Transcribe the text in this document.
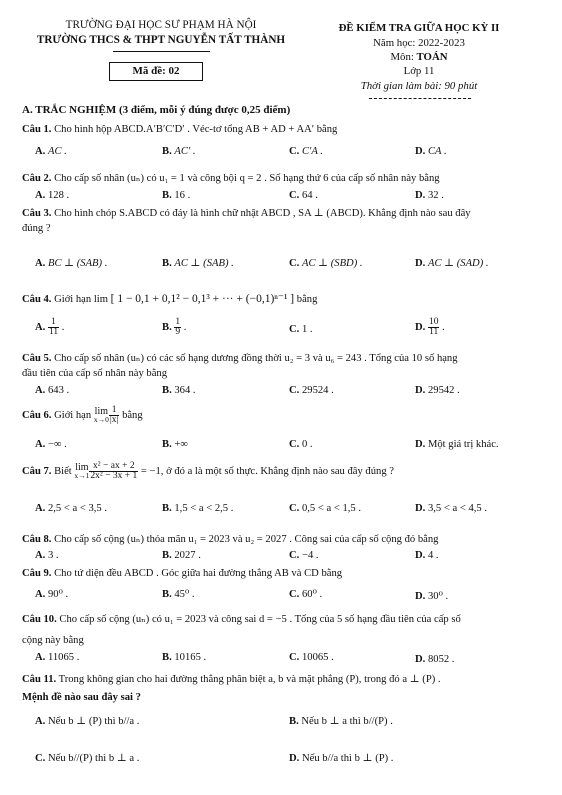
TRƯỜNG ĐẠI HỌC SƯ PHẠM HÀ NỘI
TRƯỜNG THCS & THPT NGUYỄN TẤT THÀNH
Mã đề: 02
ĐỀ KIỂM TRA GIỮA HỌC KỲ II
Năm học: 2022-2023
Môn: TOÁN
Lớp 11
Thời gian làm bài: 90 phút
A. TRẮC NGHIỆM (3 điểm, mỗi ý đúng được 0,25 điểm)
Câu 1. Cho hình hộp ABCD.A′B′C′D′ . Véc-tơ tổng AB + AD + AA′ bằng
A. AC .	B. AC′ .	C. C′A .	D. CA .
Câu 2. Cho cấp số nhân (uₙ) có u₁ = 1 và công bội q = 2 . Số hạng thứ 6 của cấp số nhân này bằng
A. 128 .	B. 16 .	C. 64 .	D. 32 .
Câu 3. Cho hình chóp S.ABCD có đáy là hình chữ nhật ABCD , SA ⊥ (ABCD). Khẳng định nào sau đây
đúng ?
A. BC ⊥ (SAB) .	B. AC ⊥ (SAB) .	C. AC ⊥ (SBD) .	D. AC ⊥ (SAD) .
Câu 4. Giới hạn lim [ 1 − 0,1 + 0,1² − 0,1³ + ··· + (−0,1)ⁿ⁻¹ ] bằng
A. $\frac{1}{11}$ .	B. $\frac{1}{9}$ .	C. 1 .	D. $\frac{10}{11}$ .
Câu 5. Cho cấp số nhân (uₙ) có các số hạng dương đồng thời u₂ = 3 và u₆ = 243 . Tổng của 10 số hạng
đầu tiên của cấp số nhân này bằng
A. 643 .	B. 364 .	C. 29524 .	D. 29542 .
Câu 6. Giới hạn lim
$x\to 0 \frac{1}{|x|}$ bằng
A. −∞ .	B. +∞	C. 0 .	D. Một giá trị khác.
Câu 7. Biết lim
$x\to 1 \frac{\text{x² − ax + 2}}{\text{2x² − 3x + 1}} = -1$, ở đó a là một số thực. Khẳng định nào sau đây đúng ?
A. 2,5 < a < 3,5 .	B. 1,5 < a < 2,5 .	C. 0,5 < a < 1,5 .	D. 3,5 < a < 4,5 .
Câu 8. Cho cấp số cộng (uₙ) thỏa mãn u₁ = 2023 và u₂ = 2027 . Công sai của cấp số cộng đó bằng
A. 3 .	B. 2027 .	C. −4 .	D. 4 .
Câu 9. Cho tứ diện đều ABCD . Góc giữa hai đường thẳng AB và CD bằng
A. 90⁰ .	B. 45⁰ .	C. 60⁰ .	D. 30⁰ .
Câu 10. Cho cấp số cộng (uₙ) có u₁ = 2023 và công sai d = −5 . Tổng của 5 số hạng đầu tiên của cấp số
cộng này bằng
A. 11065 .	B. 10165 .	C. 10065 .	D. 8052 .
Câu 11. Trong không gian cho hai đường thẳng phân biệt a, b và mặt phẳng (P), trong đó a ⊥ (P) .
Mệnh đề nào sau đây sai ?
A. Nếu b ⊥ (P) thì b//a .	B. Nếu b ⊥ a thì b//(P) .
C. Nếu b//(P) thì b ⊥ a .	D. Nếu b//a thì b ⊥ (P) .
